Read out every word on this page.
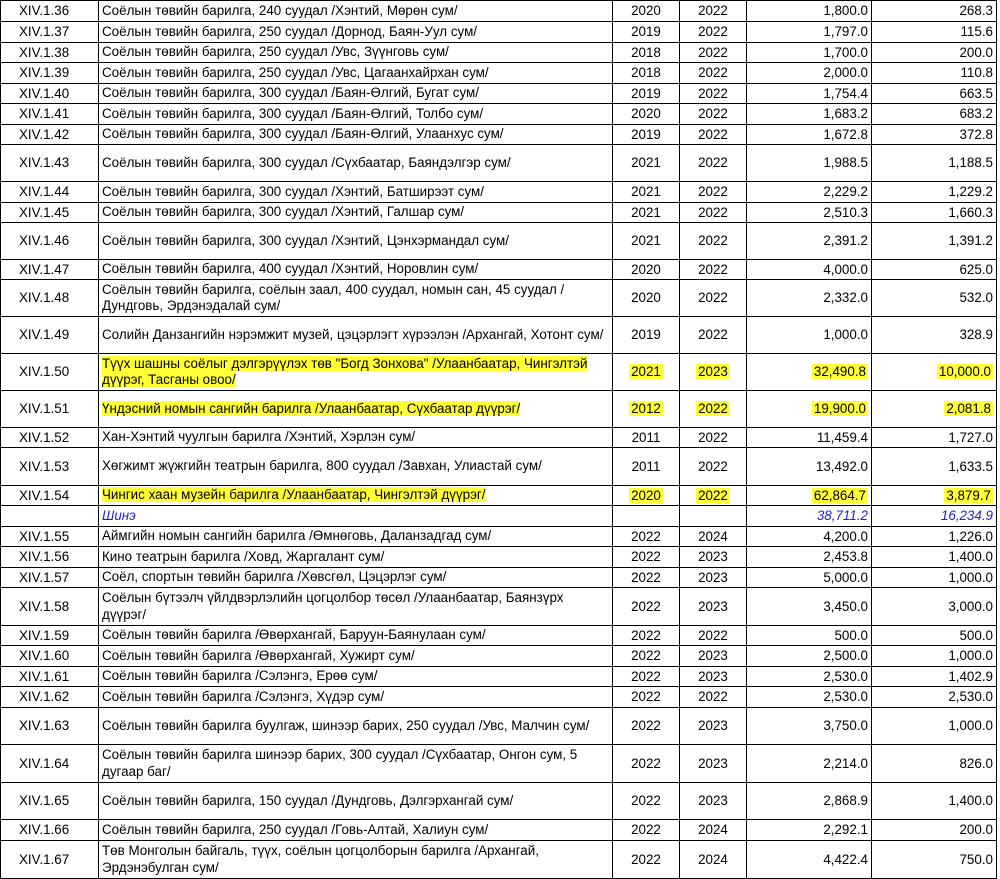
XIV.1.36	Соёлын төвийн барилга, 240 суудал /Хэнтий, Мөрөн сум/	2020	2022	1,800.0	268.3
XIV.1.37	Соёлын төвийн барилга, 250 суудал /Дорнод, Баян-Уул сум/	2019	2022	1,797.0	115.6
XIV.1.38	Соёлын төвийн барилга, 250 суудал /Увс, Зүүнговь сум/	2018	2022	1,700.0	200.0
XIV.1.39	Соёлын төвийн барилга, 250 суудал /Увс, Цагаанхайрхан сум/	2018	2022	2,000.0	110.8
XIV.1.40	Соёлын төвийн барилга, 300 суудал /Баян-Өлгий, Бугат сум/	2019	2022	1,754.4	663.5
XIV.1.41	Соёлын төвийн барилга, 300 суудал /Баян-Өлгий, Толбо сум/	2020	2022	1,683.2	683.2
XIV.1.42	Соёлын төвийн барилга, 300 суудал /Баян-Өлгий, Улаанхус сум/	2019	2022	1,672.8	372.8
XIV.1.43	Соёлын төвийн барилга, 300 суудал /Сүхбаатар, Баяндэлгэр сум/	2021	2022	1,988.5	1,188.5
XIV.1.44	Соёлын төвийн барилга, 300 суудал /Хэнтий, Батширээт сум/	2021	2022	2,229.2	1,229.2
XIV.1.45	Соёлын төвийн барилга, 300 суудал /Хэнтий, Галшар сум/	2021	2022	2,510.3	1,660.3
XIV.1.46	Соёлын төвийн барилга, 300 суудал /Хэнтий, Цэнхэрмандал сум/	2021	2022	2,391.2	1,391.2
XIV.1.47	Соёлын төвийн барилга, 400 суудал /Хэнтий, Норовлин сум/	2020	2022	4,000.0	625.0
XIV.1.48	Соёлын төвийн барилга, соёлын заал, 400 суудал, номын сан, 45 суудал /Дундговь, Эрдэнэдалай сум/	2020	2022	2,332.0	532.0
XIV.1.49	Солийн Данзангийн нэрэмжит музей, цэцэрлэгт хүрээлэн /Архангай, Хотонт сум/	2019	2022	1,000.0	328.9
XIV.1.50	Түүх шашны соёлыг дэлгэрүүлэх төв "Богд Зонхова" /Улаанбаатар, Чингэлтэй дүүрэг, Тасганы овоо/	2021	2023	32,490.8	10,000.0
XIV.1.51	Үндэсний номын сангийн барилга /Улаанбаатар, Сүхбаатар дүүрэг/	2012	2022	19,900.0	2,081.8
XIV.1.52	Хан-Хэнтий чуулгын барилга /Хэнтий, Хэрлэн сум/	2011	2022	11,459.4	1,727.0
XIV.1.53	Хөгжимт жүжгийн театрын барилга, 800 суудал /Завхан, Улиастай сум/	2011	2022	13,492.0	1,633.5
XIV.1.54	Чингис хаан музейн барилга /Улаанбаатар, Чингэлтэй дүүрэг/	2020	2022	62,864.7	3,879.7
	Шинэ			38,711.2	16,234.9
XIV.1.55	Аймгийн номын сангийн барилга /Өмнөговь, Даланзадгад сум/	2022	2024	4,200.0	1,226.0
XIV.1.56	Кино театрын барилга /Ховд, Жаргалант сум/	2022	2023	2,453.8	1,400.0
XIV.1.57	Соёл, спортын төвийн барилга /Хөвсгөл, Цэцэрлэг сум/	2022	2023	5,000.0	1,000.0
XIV.1.58	Соёлын бүтээлч үйлдвэрлэлийн цогцолбор төсөл /Улаанбаатар, Баянзүрх дүүрэг/	2022	2023	3,450.0	3,000.0
XIV.1.59	Соёлын төвийн барилга /Өвөрхангай, Баруун-Баянулаан сум/	2022	2022	500.0	500.0
XIV.1.60	Соёлын төвийн барилга /Өвөрхангай, Хужирт сум/	2022	2023	2,500.0	1,000.0
XIV.1.61	Соёлын төвийн барилга /Сэлэнгэ, Ерөө сум/	2022	2023	2,530.0	1,402.9
XIV.1.62	Соёлын төвийн барилга /Сэлэнгэ, Хүдэр сум/	2022	2022	2,530.0	2,530.0
XIV.1.63	Соёлын төвийн барилга буулгаж, шинээр барих, 250 суудал /Увс, Малчин сум/	2022	2023	3,750.0	1,000.0
XIV.1.64	Соёлын төвийн барилга шинээр барих, 300 суудал /Сүхбаатар, Онгон сум, 5 дугаар баг/	2022	2023	2,214.0	826.0
XIV.1.65	Соёлын төвийн барилга, 150 суудал /Дундговь, Дэлгэрхангай сум/	2022	2023	2,868.9	1,400.0
XIV.1.66	Соёлын төвийн барилга, 250 суудал /Говь-Алтай, Халиун сум/	2022	2024	2,292.1	200.0
XIV.1.67	Төв Монголын байгаль, түүх, соёлын цогцолборын барилга /Архангай, Эрдэнэбулган сум/	2022	2024	4,422.4	750.0
